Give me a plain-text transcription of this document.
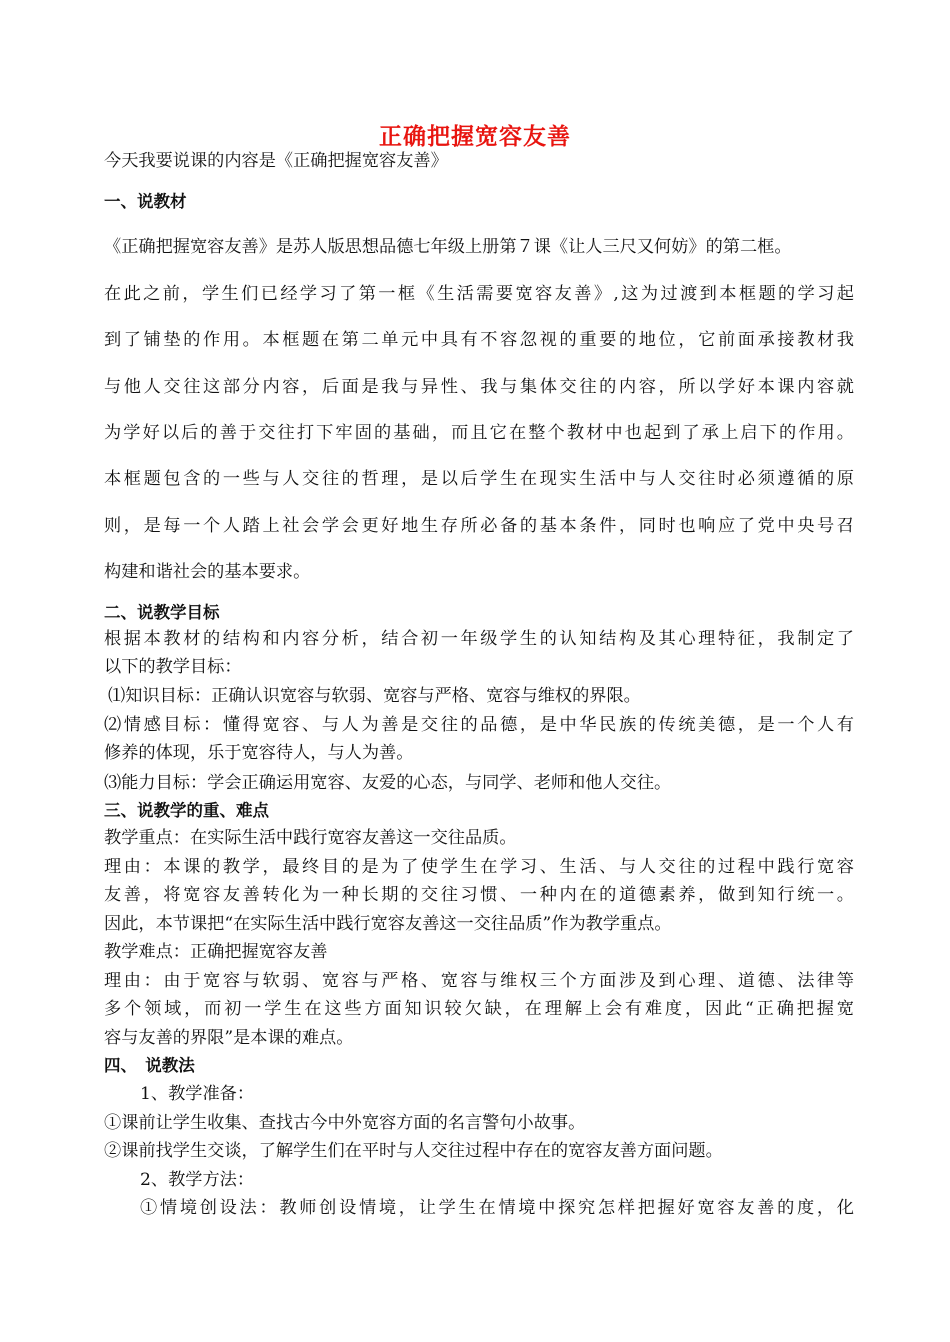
正确把握宽容友善
今天我要说课的内容是《正确把握宽容友善》
一、说教材
《正确把握宽容友善》是苏人版思想品德七年级上册第７课《让人三尺又何妨》的第二框。
在此之前，学生们已经学习了第一框《生活需要宽容友善》,这为过渡到本框题的学习起
到了铺垫的作用。本框题在第二单元中具有不容忽视的重要的地位，它前面承接教材我
与他人交往这部分内容，后面是我与异性、我与集体交往的内容，所以学好本课内容就
为学好以后的善于交往打下牢固的基础，而且它在整个教材中也起到了承上启下的作用。
本框题包含的一些与人交往的哲理，是以后学生在现实生活中与人交往时必须遵循的原
则，是每一个人踏上社会学会更好地生存所必备的基本条件，同时也响应了党中央号召
构建和谐社会的基本要求。
二、说教学目标
根据本教材的结构和内容分析，结合初一年级学生的认知结构及其心理特征，我制定了
以下的教学目标：
⑴知识目标：正确认识宽容与软弱、宽容与严格、宽容与维权的界限。
⑵情感目标：懂得宽容、与人为善是交往的品德，是中华民族的传统美德，是一个人有
修养的体现，乐于宽容待人，与人为善。
⑶能力目标：学会正确运用宽容、友爱的心态，与同学、老师和他人交往。
三、说教学的重、难点
教学重点：在实际生活中践行宽容友善这一交往品质。
理由：本课的教学，最终目的是为了使学生在学习、生活、与人交往的过程中践行宽容
友善，将宽容友善转化为一种长期的交往习惯、一种内在的道德素养，做到知行统一。
因此，本节课把“在实际生活中践行宽容友善这一交往品质”作为教学重点。
教学难点：正确把握宽容友善
理由：由于宽容与软弱、宽容与严格、宽容与维权三个方面涉及到心理、道德、法律等
多个领域，而初一学生在这些方面知识较欠缺，在理解上会有难度，因此“正确把握宽
容与友善的界限”是本课的难点。
四、　说教法
1、教学准备：
①课前让学生收集、查找古今中外宽容方面的名言警句小故事。
②课前找学生交谈，了解学生们在平时与人交往过程中存在的宽容友善方面问题。
2、教学方法：
①情境创设法：教师创设情境，让学生在情境中探究怎样把握好宽容友善的度，化
